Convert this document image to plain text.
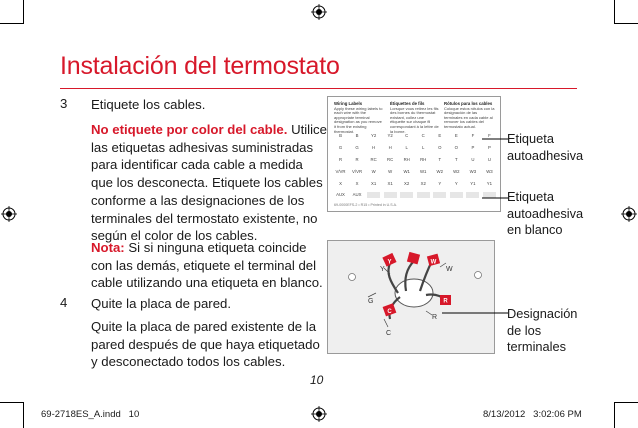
Instalación del termostato
3 Etiquete los cables.
No etiquete por color del cable. Utilice
las etiquetas adhesivas suministradas
para identificar cada cable a medida
que los desconecta. Etiquete los cables
conforme a las designaciones de los
terminales del termostato existente, no
según el color de los cables.
Nota: Si si ninguna etiqueta coincide
con las demás, etiquete el terminal del
cable utilizando una etiqueta en blanco.
4 Quite la placa de pared.
Quite la placa de pared existente de la
pared después de que haya etiquetado
y desconectado todos los cables.
Wiring Labels
Apply these wiring labels to each wire with the appropriate terminal designation as you remove it from the existing thermostat.
Étiquettes de fils
Lorsque vous retirez les fils des bornes du thermostat existant, collez une étiquette sur chaque fil correspondant à la lettre de la borne.
Rótulos para los cables
Coloque estos rótulos con la designación de las terminales en cada cable al remover los cables del termostato actual.
B	B	Y2	Y2	C	C	E	E	F	F
G	G	H	H	L	L	O	O	P	P
R	R	RC	RC	RH	RH	T	T	U	U
V/VR	V/VR	W	W	W1	W1	W2	W2	W3	W3
X	X	X1	X1	X2	X2	Y	Y	Y1	Y1
AUX	AUX
69-0000EFS-2 • R15 • Printed in U.S.A.
Etiqueta
autoadhesiva
Etiqueta
autoadhesiva
en blanco
Designación
de los
terminales
Y	W
R
C
Y	W
G
R
C
10
69-2718ES_A.indd   10	8/13/2012   3:02:06 PM
